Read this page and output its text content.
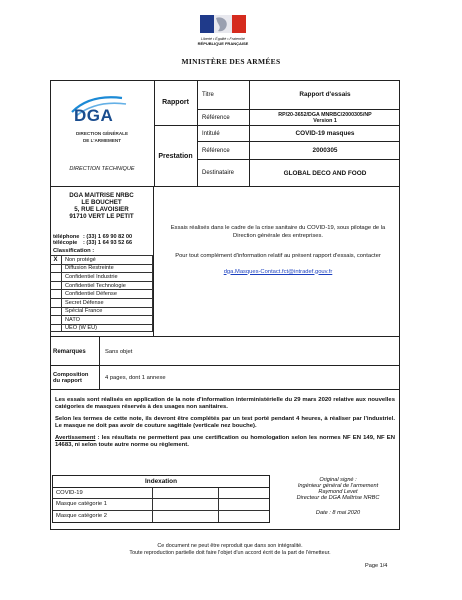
Liberté • Égalité • Fraternité
RÉPUBLIQUE FRANÇAISE
MINISTÈRE DES ARMÉES
DGA
DIRECTION GÉNÉRALE
DE L'ARMEMENT
DIRECTION TECHNIQUE
Rapport
Prestation
Titre	Rapport d'essais
Référence	RP/20-3652/DGA MNRBC/2000305/NP
Version 1
Intitulé	COVID-19 masques
Référence	2000305
Destinataire	GLOBAL DECO AND FOOD
DGA MAITRISE NRBC
LE BOUCHET
5, RUE LAVOISIER
91710 VERT LE PETIT
téléphone : (33) 1 69 90 82 00
télécopie	: (33) 1 64 93 52 66
Classification :
X	Non protégé
Diffusion Restreinte
Confidentiel Industrie
Confidentiel Technologie
Confidentiel Défense
Secret Défense
Spécial France
NATO
UEO (W EU)
Essais réalisés dans le cadre de la crise sanitaire du COVID-19, sous pilotage de la Direction générale des entreprises.
Pour tout complément d'information relatif au présent rapport d'essais, contacter
dga.Masques-Contact.fct@intradef.gouv.fr
Remarques	Sans objet
Composition
du rapport	4 pages, dont 1 annexe
Les essais sont réalisés en application de la note d'information interministérielle du 29 mars 2020 relative aux nouvelles catégories de masques réservés à des usages non sanitaires.
Selon les termes de cette note, ils devront être complétés par un test porté pendant 4 heures, à réaliser par l'industriel. Le masque ne doit pas avoir de couture sagittale (verticale nez bouche).
Avertissement : les résultats ne permettent pas une certification ou homologation selon les normes NF EN 149, NF EN 14683, ni selon toute autre norme ou règlement.
Indexation
COVID-19
Masque catégorie 1
Masque catégorie 2
Original signé :
Ingénieur général de l'armement
Raymond Levet
Directeur de DGA Maîtrise NRBC
Date : 8 mai 2020
Ce document ne peut être reproduit que dans son intégralité.
Toute reproduction partielle doit faire l'objet d'un accord écrit de la part de l'émetteur.
Page 1/4
